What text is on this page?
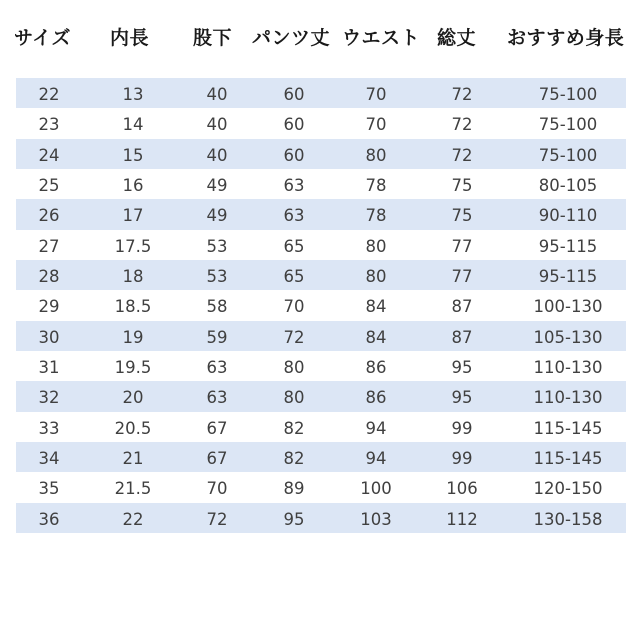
サイズ 内長 股下 パンツ丈 ウエスト 総丈 おすすめ身長
22	13	40	60	70	72	75-100
23	14	40	60	70	72	75-100
24	15	40	60	80	72	75-100
25	16	49	63	78	75	80-105
26	17	49	63	78	75	90-110
27	17.5	53	65	80	77	95-115
28	18	53	65	80	77	95-115
29	18.5	58	70	84	87	100-130
30	19	59	72	84	87	105-130
31	19.5	63	80	86	95	110-130
32	20	63	80	86	95	110-130
33	20.5	67	82	94	99	115-145
34	21	67	82	94	99	115-145
35	21.5	70	89	100	106	120-150
36	22	72	95	103	112	130-158
